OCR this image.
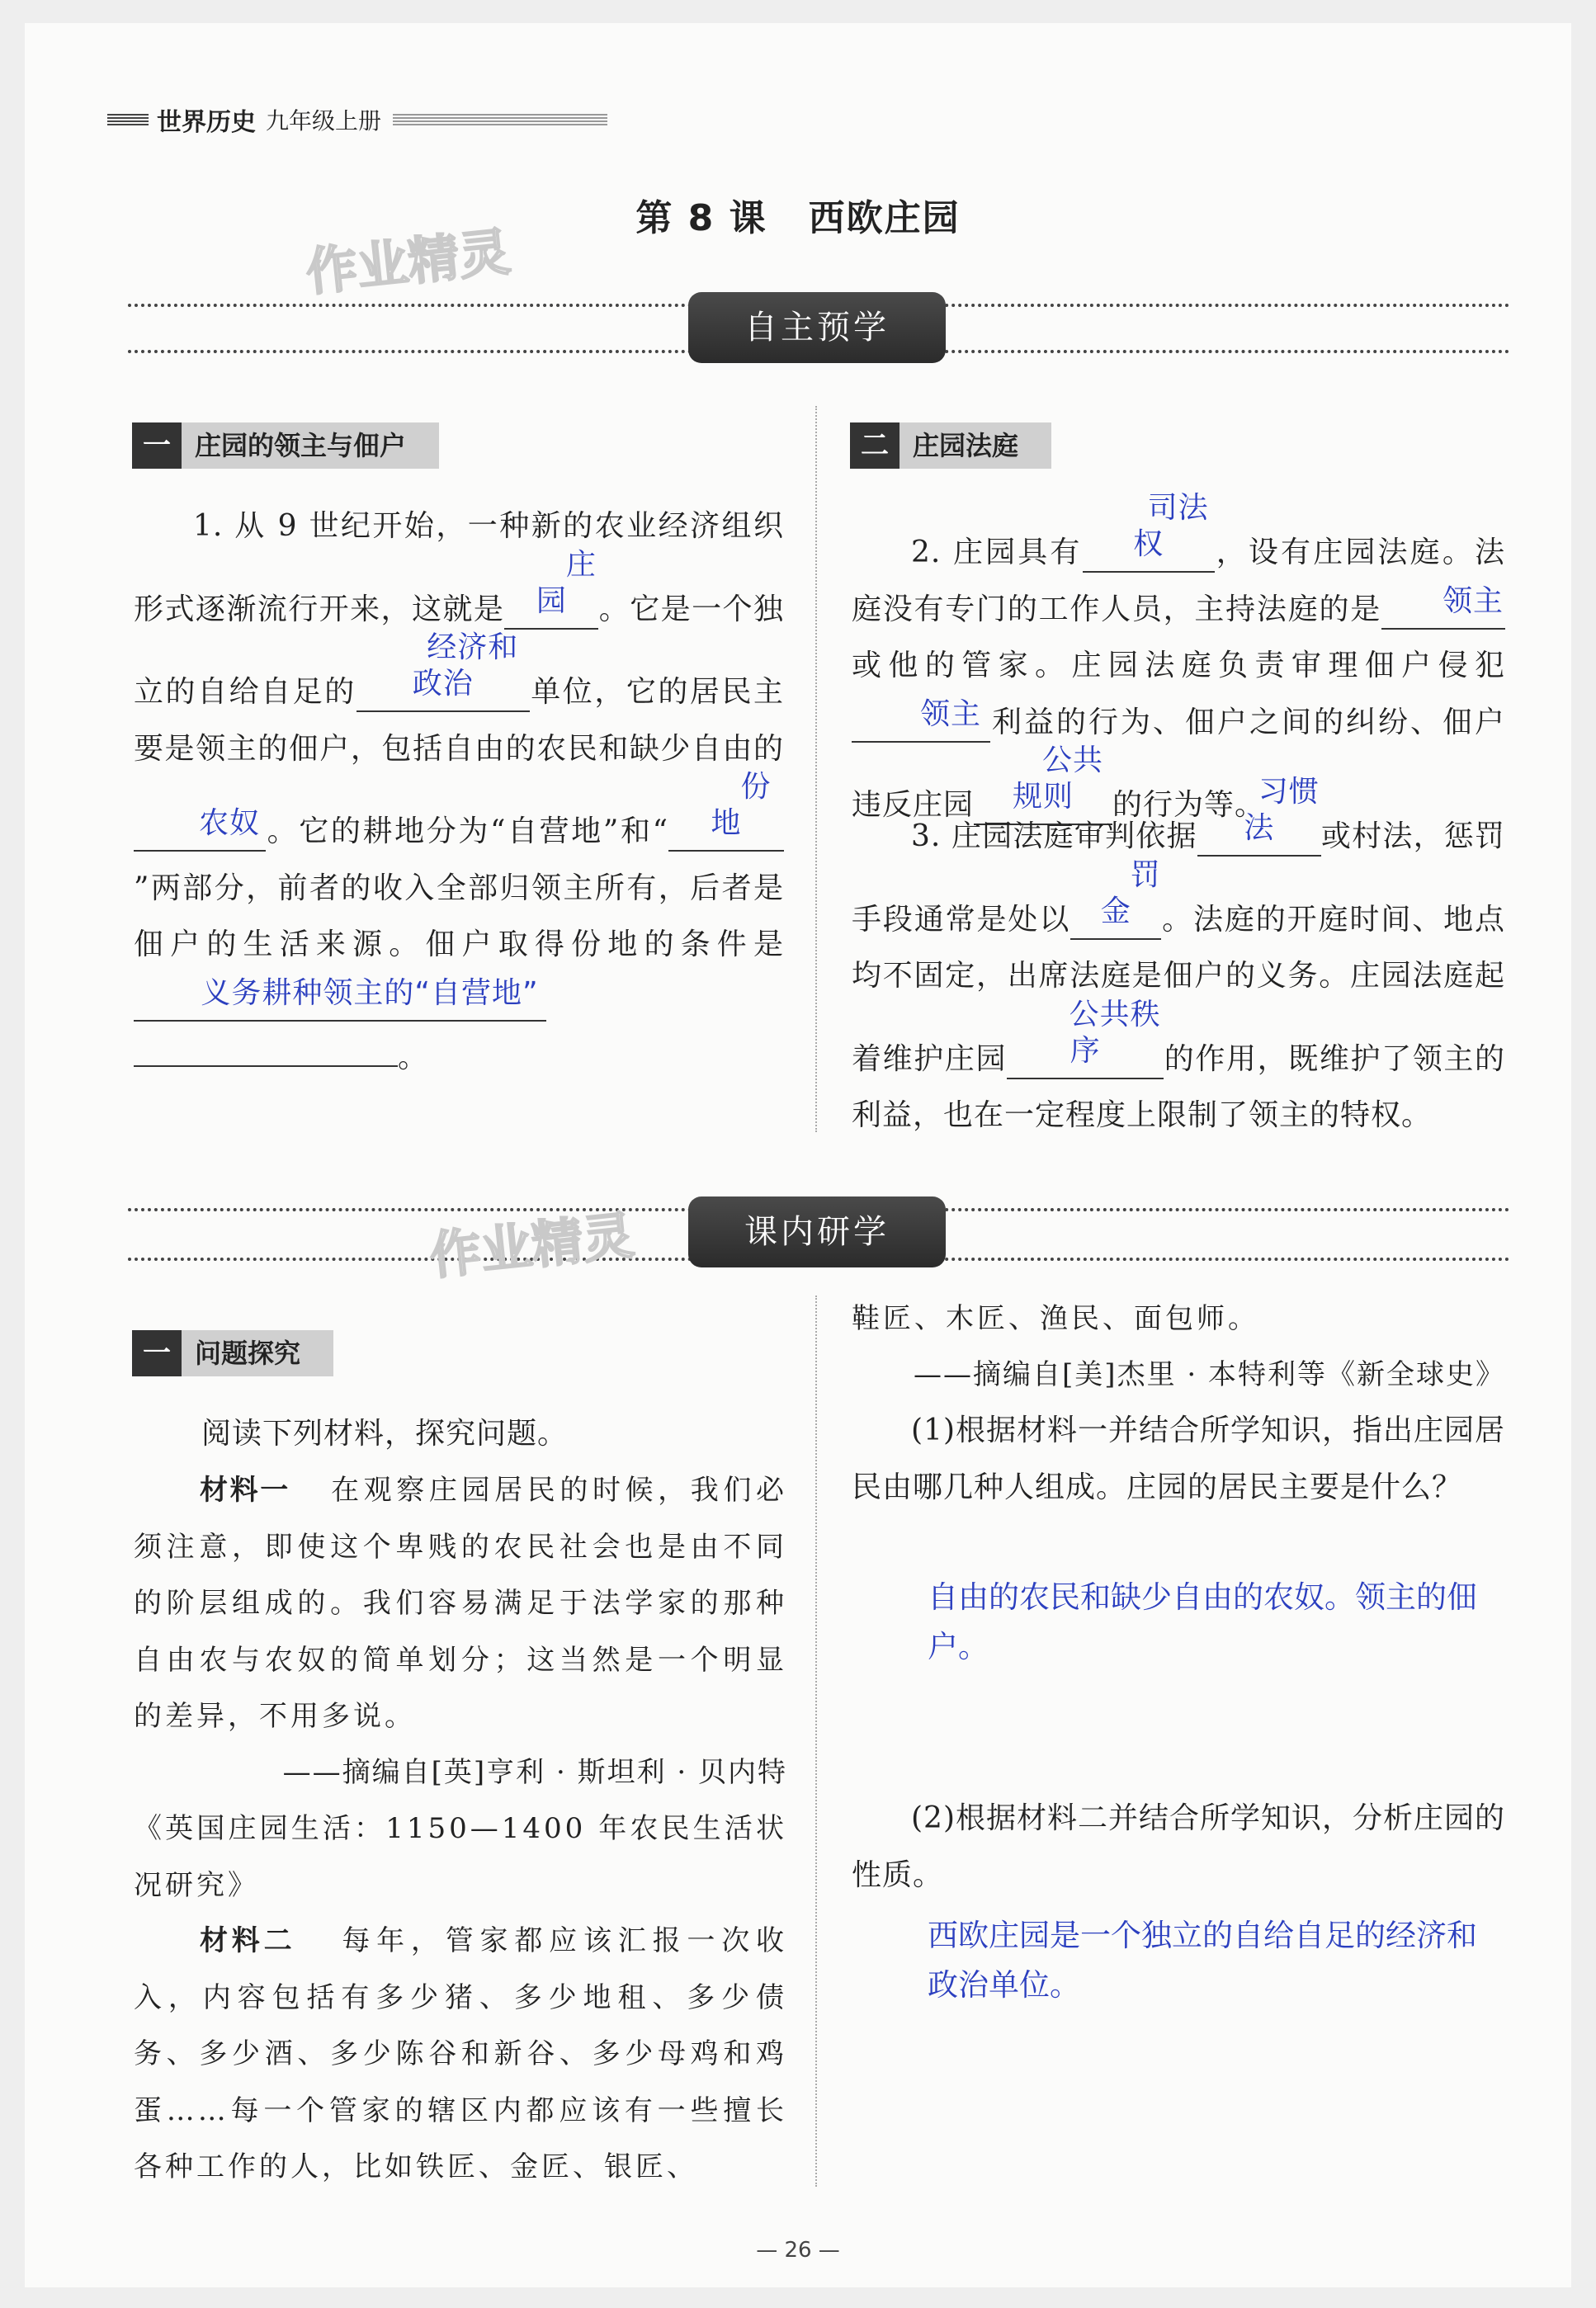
世界历史 九年级上册
作业精灵
第 8 课 西欧庄园
自主预学
一 庄园的领主与佃户
1. 从 9 世纪开始，一种新的农业经济组织形式逐渐流行开来，这就是庄园 。它是一个独立的自给自足的经济和政治 单位，它的居民主要是领主的佃户，包括自由的农民和缺少自由的农奴 。它的耕地分为“自营地”和“份地”两部分，前者的收入全部归领主所有，后者是佃户的生活来源。佃户取得份地的条件是义务耕种领主的“自营地”。
二 庄园法庭
2. 庄园具有司法权 ，设有庄园法庭。法庭没有专门的工作人员，主持法庭的是 领主或他的管家。庄园法庭负责审理佃户侵犯领主 利益的行为、佃户之间的纠纷、佃户违反庄园公共规则 的行为等。
3. 庄园法庭审判依据习惯法 或村法，惩罚手段通常是处以罚金 。法庭的开庭时间、地点均不固定，出席法庭是佃户的义务。庄园法庭起着维护庄园公共秩序 的作用，既维护了领主的利益，也在一定程度上限制了领主的特权。
课内研学
作业精灵
一 问题探究
阅读下列材料，探究问题。
材料一 在观察庄园居民的时候，我们必须注意，即使这个卑贱的农民社会也是由不同的阶层组成的。我们容易满足于法学家的那种自由农与农奴的简单划分；这当然是一个明显的差异，不用多说。
——摘编自[英]亨利 · 斯坦利 · 贝内特
《英国庄园生活：1150—1400 年农民生活状况研究》
材料二 每年，管家都应该汇报一次收入，内容包括有多少猪、多少地租、多少债务、多少酒、多少陈谷和新谷、多少母鸡和鸡蛋……每一个管家的辖区内都应该有一些擅长各种工作的人，比如铁匠、金匠、银匠、
鞋匠、木匠、渔民、面包师。
——摘编自[美]杰里 · 本特利等《新全球史》
(1)根据材料一并结合所学知识，指出庄园居民由哪几种人组成。庄园的居民主要是什么？
自由的农民和缺少自由的农奴。领主的佃户。
(2)根据材料二并结合所学知识，分析庄园的性质。
西欧庄园是一个独立的自给自足的经济和政治单位。
— 26 —
